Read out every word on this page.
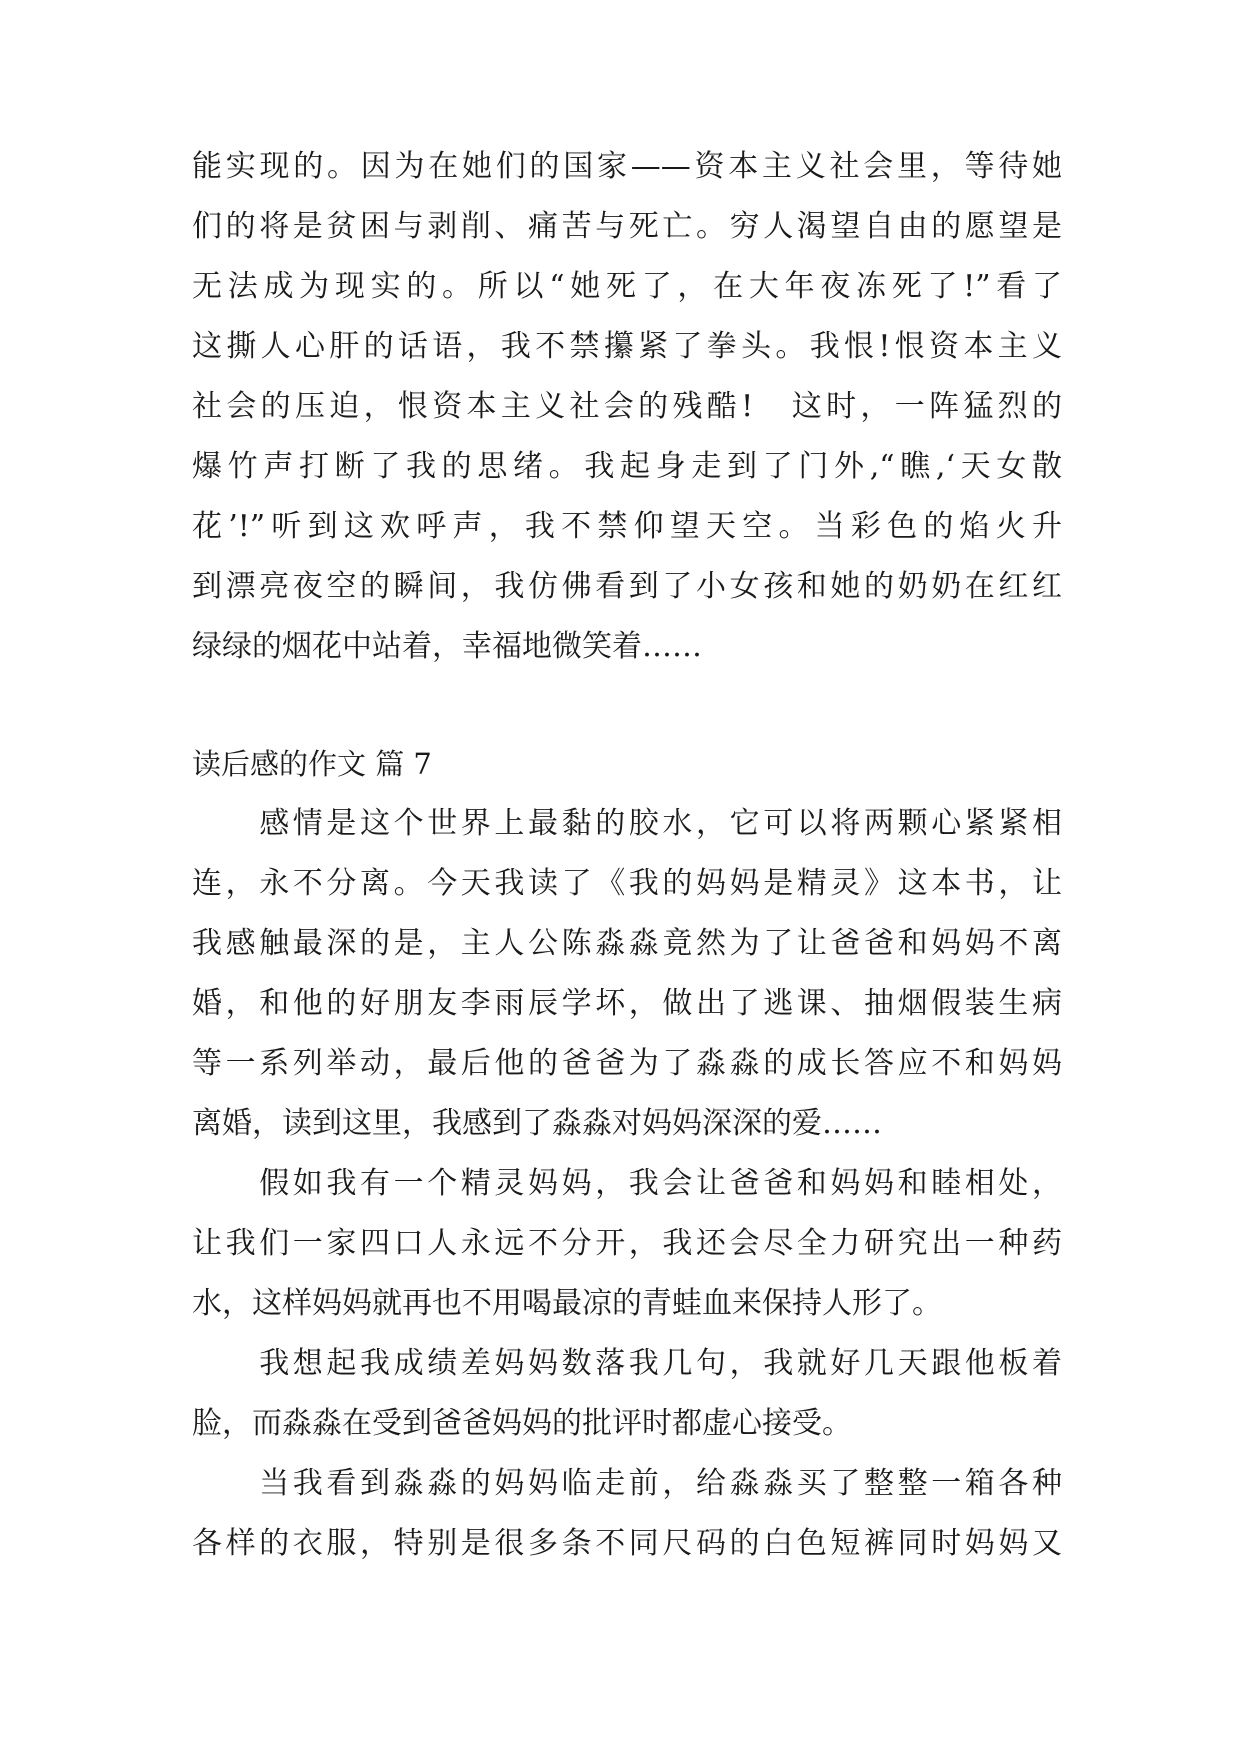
能实现的。因为在她们的国家——资本主义社会里，等待她
们的将是贫困与剥削、痛苦与死亡。穷人渴望自由的愿望是
无法成为现实的。所以“她死了，在大年夜冻死了!”看了
这撕人心肝的话语，我不禁攥紧了拳头。我恨!恨资本主义
社会的压迫，恨资本主义社会的残酷!　这时，一阵猛烈的
爆竹声打断了我的思绪。我起身走到了门外,“瞧,‘天女散
花’!”听到这欢呼声，我不禁仰望天空。当彩色的焰火升
到漂亮夜空的瞬间，我仿佛看到了小女孩和她的奶奶在红红
绿绿的烟花中站着，幸福地微笑着……
读后感的作文 篇 7
　　感情是这个世界上最黏的胶水，它可以将两颗心紧紧相
连，永不分离。今天我读了《我的妈妈是精灵》这本书，让
我感触最深的是，主人公陈淼淼竟然为了让爸爸和妈妈不离
婚，和他的好朋友李雨辰学坏，做出了逃课、抽烟假装生病
等一系列举动，最后他的爸爸为了淼淼的成长答应不和妈妈
离婚，读到这里，我感到了淼淼对妈妈深深的爱……
　　假如我有一个精灵妈妈，我会让爸爸和妈妈和睦相处，
让我们一家四口人永远不分开，我还会尽全力研究出一种药
水，这样妈妈就再也不用喝最凉的青蛙血来保持人形了。
　　我想起我成绩差妈妈数落我几句，我就好几天跟他板着
脸，而淼淼在受到爸爸妈妈的批评时都虚心接受。
　　当我看到淼淼的妈妈临走前，给淼淼买了整整一箱各种
各样的衣服，特别是很多条不同尺码的白色短裤同时妈妈又
